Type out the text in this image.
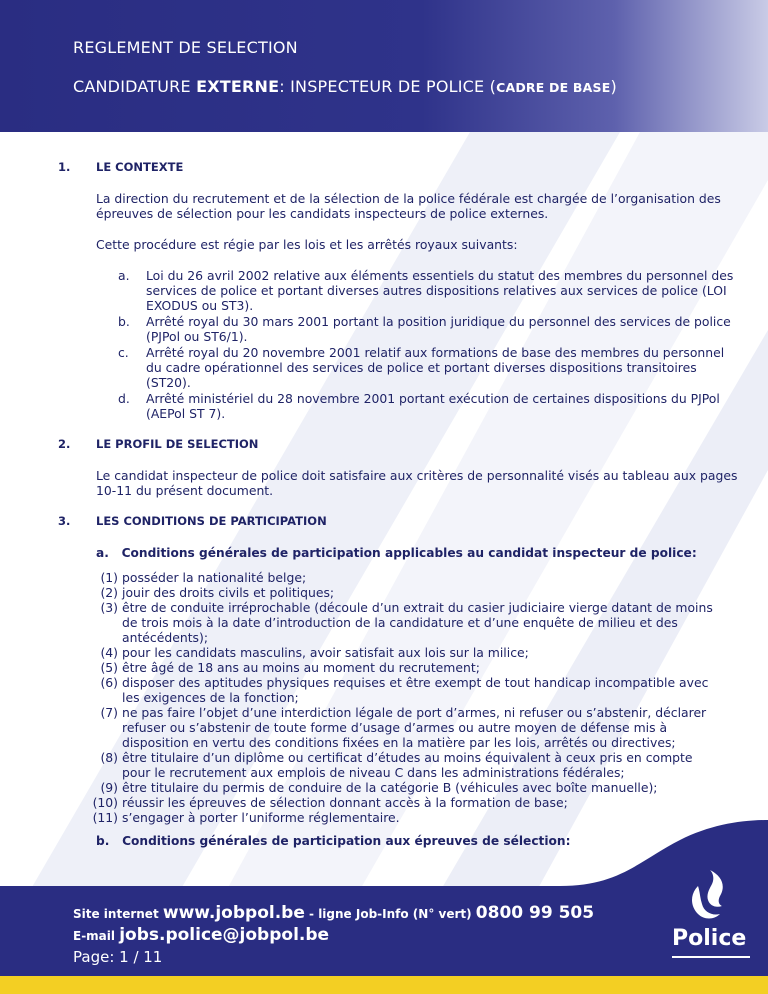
REGLEMENT DE SELECTION
CANDIDATURE EXTERNE: INSPECTEUR DE POLICE (CADRE DE BASE)
1. LE CONTEXTE
La direction du recrutement et de la sélection de la police fédérale est chargée de l’organisation des
épreuves de sélection pour les candidats inspecteurs de police externes.
Cette procédure est régie par les lois et les arrêtés royaux suivants:
a.	Loi du 26 avril 2002 relative aux éléments essentiels du statut des membres du personnel des
services de police et portant diverses autres dispositions relatives aux services de police (LOI
EXODUS ou ST3).
b.	Arrêté royal du 30 mars 2001 portant la position juridique du personnel des services de police
(PJPol ou ST6/1).
c.	Arrêté royal du 20 novembre 2001 relatif aux formations de base des membres du personnel
du cadre opérationnel des services de police et portant diverses dispositions transitoires
(ST20).
d.	Arrêté ministériel du 28 novembre 2001 portant exécution de certaines dispositions du PJPol
(AEPol ST 7).
2. LE PROFIL DE SELECTION
Le candidat inspecteur de police doit satisfaire aux critères de personnalité visés au tableau aux pages
10-11 du présent document.
3. LES CONDITIONS DE PARTICIPATION
a.   Conditions générales de participation applicables au candidat inspecteur de police:
(1) posséder la nationalité belge;
(2) jouir des droits civils et politiques;
(3) être de conduite irréprochable (découle d’un extrait du casier judiciaire vierge datant de moins
de trois mois à la date d’introduction de la candidature et d’une enquête de milieu et des
antécédents);
(4) pour les candidats masculins, avoir satisfait aux lois sur la milice;
(5) être âgé de 18 ans au moins au moment du recrutement;
(6) disposer des aptitudes physiques requises et être exempt de tout handicap incompatible avec
les exigences de la fonction;
(7) ne pas faire l’objet d’une interdiction légale de port d’armes, ni refuser ou s’abstenir, déclarer
refuser ou s’abstenir de toute forme d’usage d’armes ou autre moyen de défense mis à
disposition en vertu des conditions fixées en la matière par les lois, arrêtés ou directives;
(8) être titulaire d’un diplôme ou certificat d’études au moins équivalent à ceux pris en compte
pour le recrutement aux emplois de niveau C dans les administrations fédérales;
(9) être titulaire du permis de conduire de la catégorie B (véhicules avec boîte manuelle);
(10) réussir les épreuves de sélection donnant accès à la formation de base;
(11) s’engager à porter l’uniforme réglementaire.
b.   Conditions générales de participation aux épreuves de sélection:
Site internet www.jobpol.be - ligne Job-Info (N° vert) 0800 99 505
E-mail jobs.police@jobpol.be
Page: 1 / 11
Police
